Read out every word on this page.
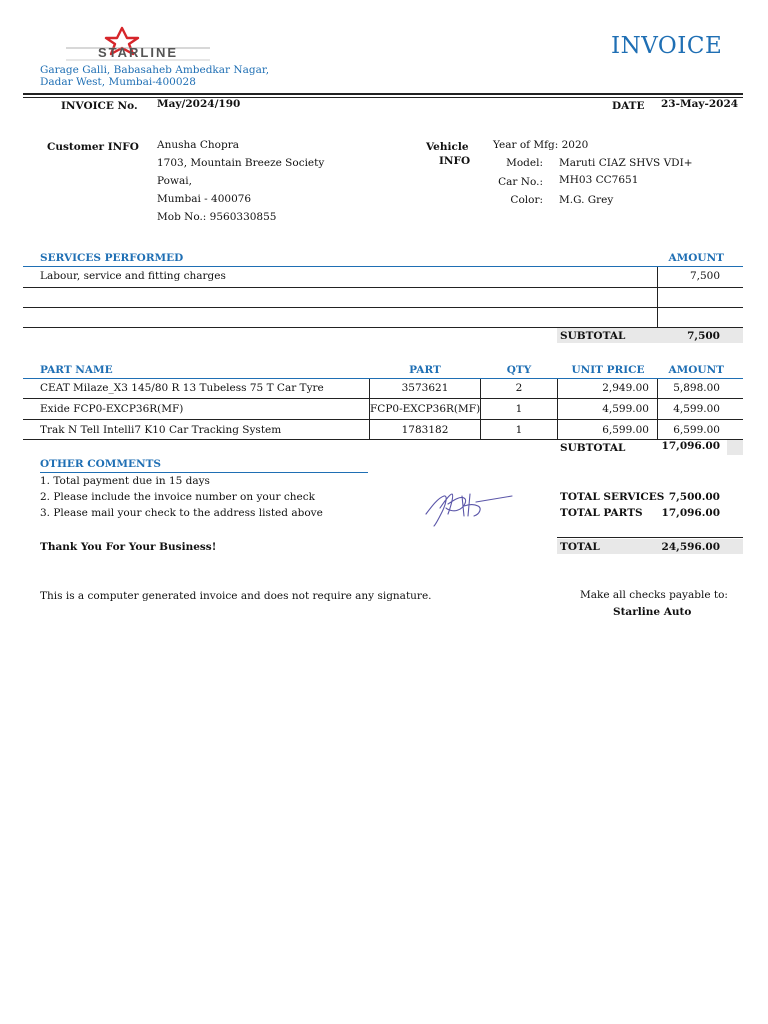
STARLINE
Garage Galli, Babasaheb Ambedkar Nagar,
Dadar West, Mumbai-400028
INVOICE
INVOICE No. May/2024/190	DATE 23-May-2024
Customer INFO Anusha Chopra
1703, Mountain Breeze Society
Powai,
Mumbai - 400076
Mob No.: 9560330855
Vehicle
INFO
Year of Mfg: 2020
Model: Maruti CIAZ SHVS VDI+
Car No.: MH03 CC7651
Color: M.G. Grey
SERVICES PERFORMED	AMOUNT
Labour, service and fitting charges	7,500
SUBTOTAL	7,500
PART NAME	PART	QTY	UNIT PRICE	AMOUNT
CEAT Milaze_X3 145/80 R 13 Tubeless 75 T Car Tyre	3573621	2	2,949.00	5,898.00
Exide FCP0-EXCP36R(MF)	FCP0-EXCP36R(MF)	1	4,599.00	4,599.00
Trak N Tell Intelli7 K10 Car Tracking System	1783182	1	6,599.00	6,599.00
SUBTOTAL	17,096.00
OTHER COMMENTS
1. Total payment due in 15 days
2. Please include the invoice number on your check
3. Please mail your check to the address listed above
TOTAL SERVICES 7,500.00
TOTAL PARTS	17,096.00
Thank You For Your Business!	TOTAL	24,596.00
This is a computer generated invoice and does not require any signature.	Make all checks payable to:
Starline Auto
